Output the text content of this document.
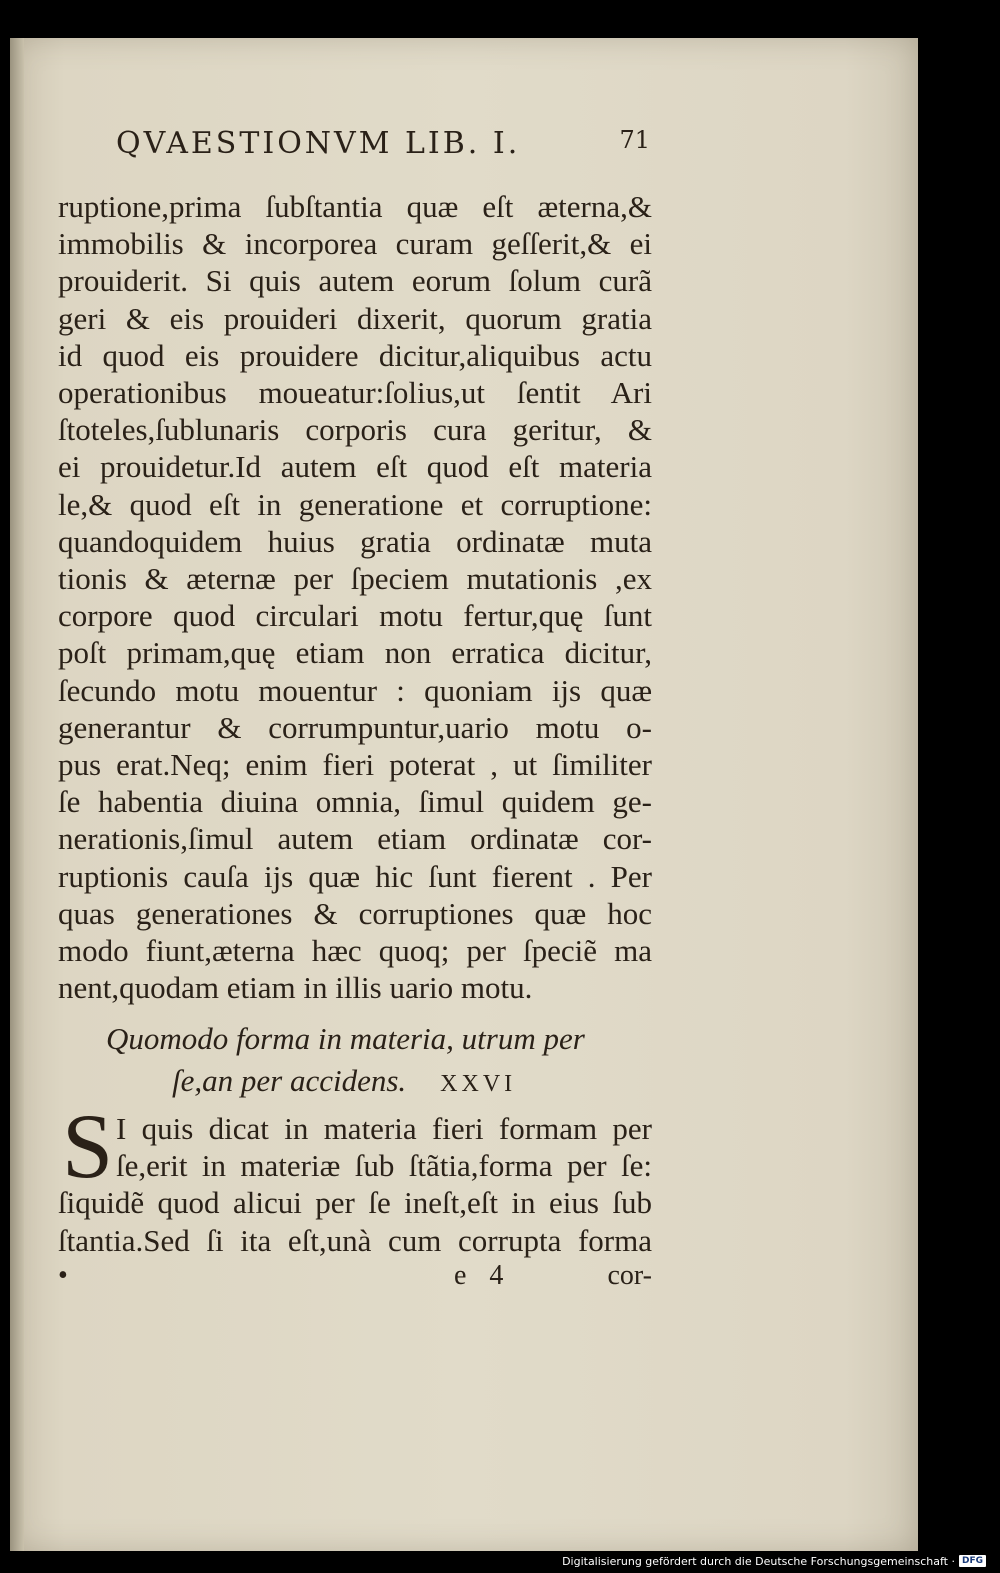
QVAESTIONVM LIB. I.	71
ruptione,prima ſubſtantia quæ eſt æterna,&
immobilis & incorporea curam geſſerit,& ei
prouiderit. Si quis autem eorum ſolum curã
geri & eis prouideri dixerit, quorum gratia
id quod eis prouidere dicitur,aliquibus actu
operationibus moueatur:ſolius,ut ſentit Ari
ſtoteles,ſublunaris corporis cura geritur, &
ei prouidetur.Id autem eſt quod eſt materia
le,& quod eſt in generatione et corruptione:
quandoquidem huius gratia ordinatæ muta
tionis & æternæ per ſpeciem mutationis ,ex
corpore quod circulari motu fertur,quę ſunt
poſt primam,quę etiam non erratica dicitur,
ſecundo motu mouentur : quoniam ijs quæ
generantur & corrumpuntur,uario motu o-
pus erat.Neq; enim fieri poterat , ut ſimiliter
ſe habentia diuina omnia, ſimul quidem ge-
nerationis,ſimul autem etiam ordinatæ cor-
ruptionis cauſa ijs quæ hic ſunt fierent . Per
quas generationes & corruptiones quæ hoc
modo fiunt,æterna hæc quoq; per ſpeciẽ ma
nent,quodam etiam in illis uario motu.
Quomodo forma in materia, utrum per
ſe,an per accidens. XXVI
S I quis dicat in materia fieri formam per
ſe,erit in materiæ ſub ſtãtia,forma per ſe:
ſiquidẽ quod alicui per ſe ineſt,eſt in eius ſub
ſtantia.Sed ſi ita eſt,unà cum corrupta forma
•	e 4	cor-
Digitalisierung gefördert durch die Deutsche Forschungsgemeinschaft · DFG
